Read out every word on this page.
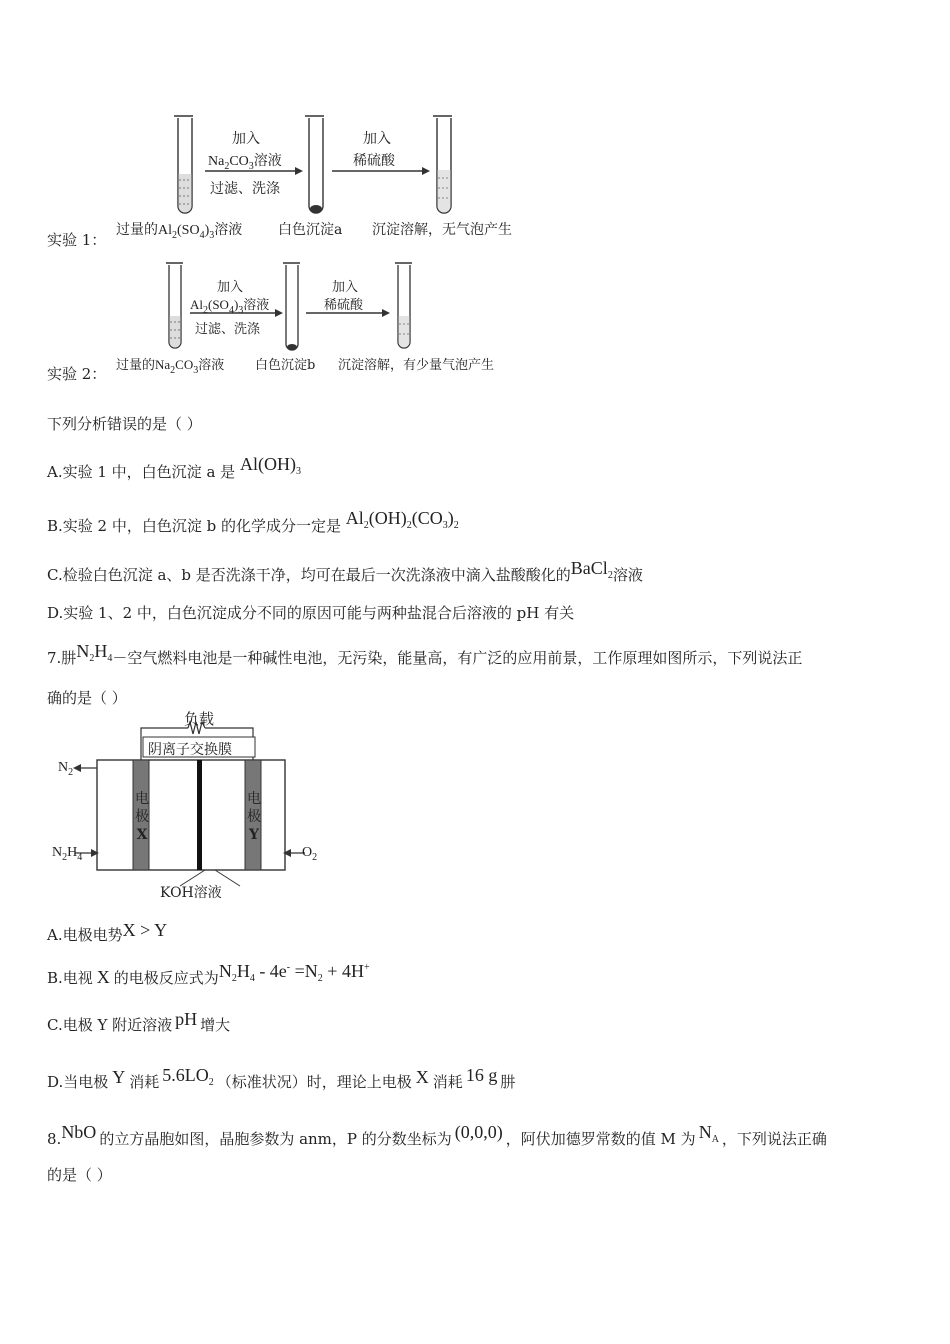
实验 1：
加入
$Na_2CO_3$溶液
过滤、洗涤
加入
稀硫酸
过量的$Al_2(SO_4)_3$溶液	白色沉淀a 沉淀溶解，无气泡产生
实验 2：
加入
$Al_2(SO_4)_3$溶液
过滤、洗涤
加入
稀硫酸
过量的$Na_2CO_3$溶液 白色沉淀b 沉淀溶解，有少量气泡产生
下列分析错误的是（ ）
A.实验 1 中，白色沉淀 a 是 $Al(OH)_3$
B.实验 2 中，白色沉淀 b 的化学成分一定是 $Al_2(OH)_2(CO_3)_2$
C.检验白色沉淀 a、b 是否洗涤干净，均可在最后一次洗涤液中滴入盐酸酸化的BaCl$_2$溶液
D.实验 1、2 中，白色沉淀成分不同的原因可能与两种盐混合后溶液的 pH 有关
7.肼$N_2H_4-$空气燃料电池是一种碱性电池，无污染，能量高，有广泛的应用前景，工作原理如图所示，下列说法正
确的是（ ）
负载
阴离子交换膜
$N_2$
$N_2H_4$	$O_2$
电
极
X
电
极
Y
KOH溶液
A.电极电势X > Y
B.电视 X 的电极反应式为$N_2H_4 - 4e^- =N_2 + 4H^+$
C.电极 Y 附近溶液 pH 增大
D.当电极 Y 消耗 $5.6LO_2$ （标准状况）时，理论上电极 X 消耗 16 g 肼
8.NbO 的立方晶胞如图，晶胞参数为 anm，P 的分数坐标为 (0,0,0) ，阿伏加德罗常数的值 M 为 $N_A$ ，下列说法正确
的是（ ）
